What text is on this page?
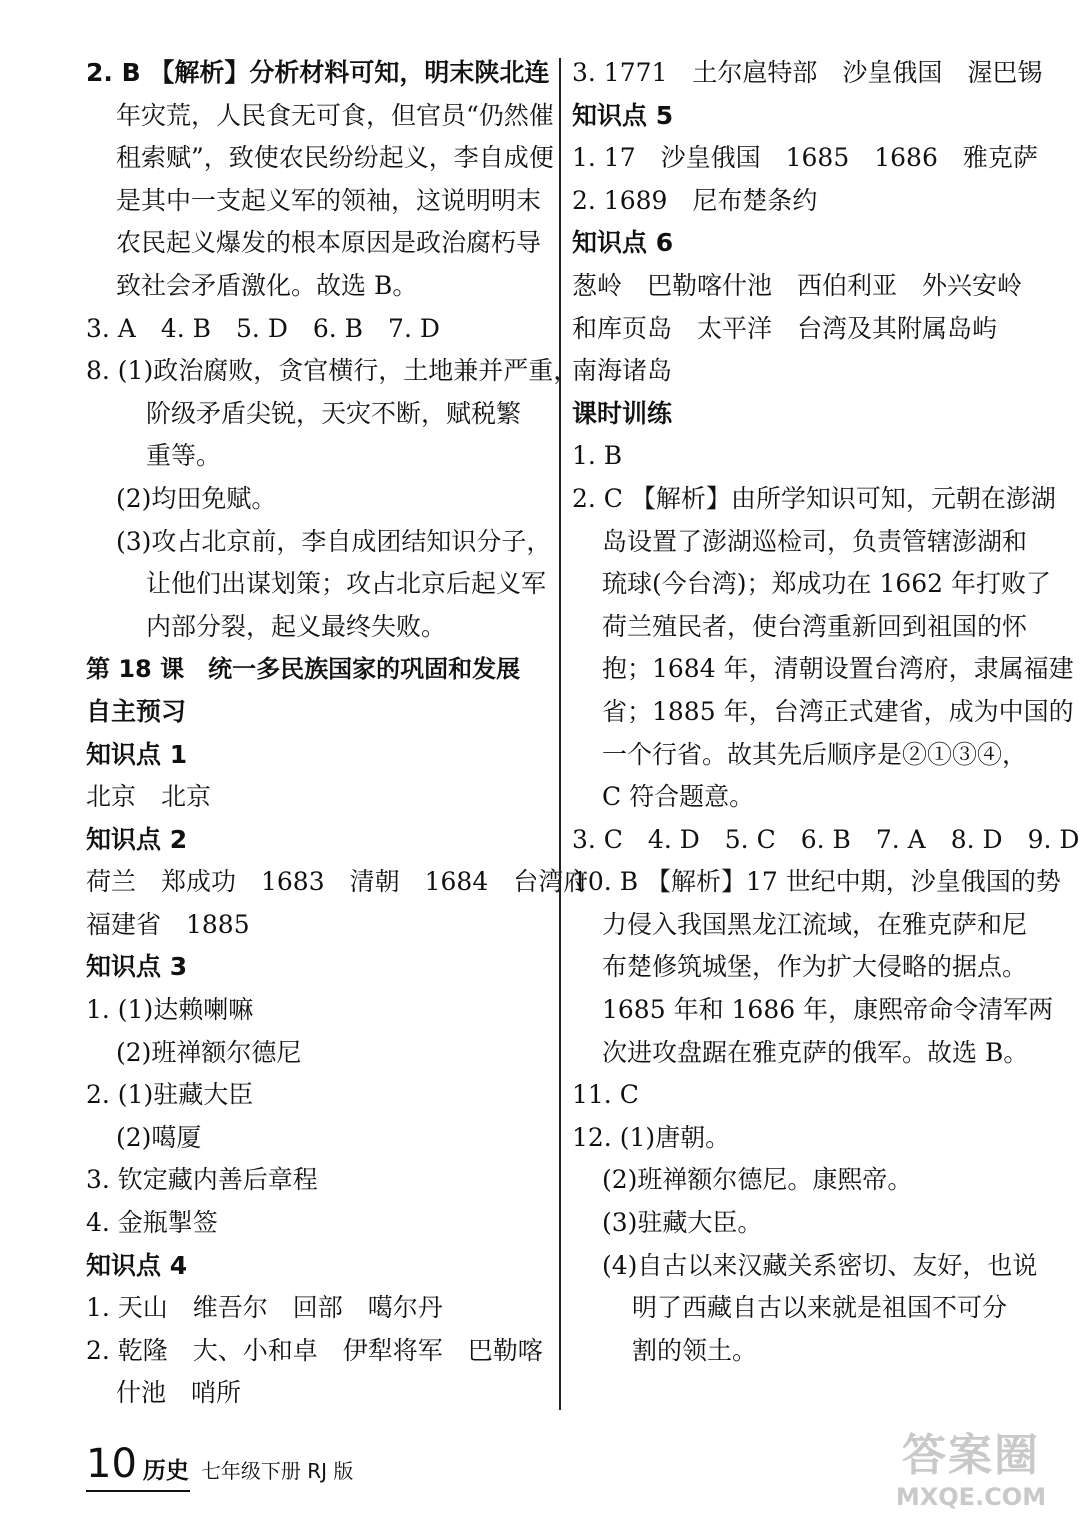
2. B 【解析】分析材料可知，明末陕北连
年灾荒，人民食无可食，但官员“仍然催
租索赋”，致使农民纷纷起义，李自成便
是其中一支起义军的领袖，这说明明末
农民起义爆发的根本原因是政治腐朽导
致社会矛盾激化。故选 B。
3. A　4. B　5. D　6. B　7. D
8. (1)政治腐败，贪官横行，土地兼并严重，
阶级矛盾尖锐，天灾不断，赋税繁
重等。
(2)均田免赋。
(3)攻占北京前，李自成团结知识分子，
让他们出谋划策；攻占北京后起义军
内部分裂，起义最终失败。
第 18 课　统一多民族国家的巩固和发展
自主预习
知识点 1
北京　北京
知识点 2
荷兰　郑成功　1683　清朝　1684　台湾府
福建省　1885
知识点 3
1. (1)达赖喇嘛
(2)班禅额尔德尼
2. (1)驻藏大臣
(2)噶厦
3. 钦定藏内善后章程
4. 金瓶掣签
知识点 4
1. 天山　维吾尔　回部　噶尔丹
2. 乾隆　大、小和卓　伊犁将军　巴勒喀
什池　哨所
3. 1771　土尔扈特部　沙皇俄国　渥巴锡
知识点 5
1. 17　沙皇俄国　1685　1686　雅克萨
2. 1689　尼布楚条约
知识点 6
葱岭　巴勒喀什池　西伯利亚　外兴安岭
和库页岛　太平洋　台湾及其附属岛屿
南海诸岛
课时训练
1. B
2. C 【解析】由所学知识可知，元朝在澎湖
岛设置了澎湖巡检司，负责管辖澎湖和
琉球(今台湾)；郑成功在 1662 年打败了
荷兰殖民者，使台湾重新回到祖国的怀
抱；1684 年，清朝设置台湾府，隶属福建
省；1885 年，台湾正式建省，成为中国的
一个行省。故其先后顺序是②①③④，
C 符合题意。
3. C　4. D　5. C　6. B　7. A　8. D　9. D
10. B 【解析】17 世纪中期，沙皇俄国的势
力侵入我国黑龙江流域，在雅克萨和尼
布楚修筑城堡，作为扩大侵略的据点。
1685 年和 1686 年，康熙帝命令清军两
次进攻盘踞在雅克萨的俄军。故选 B。
11. C
12. (1)唐朝。
(2)班禅额尔德尼。康熙帝。
(3)驻藏大臣。
(4)自古以来汉藏关系密切、友好，也说
明了西藏自古以来就是祖国不可分
割的领土。
10 历史 七年级下册 RJ 版	答案圈
MXQE.COM
